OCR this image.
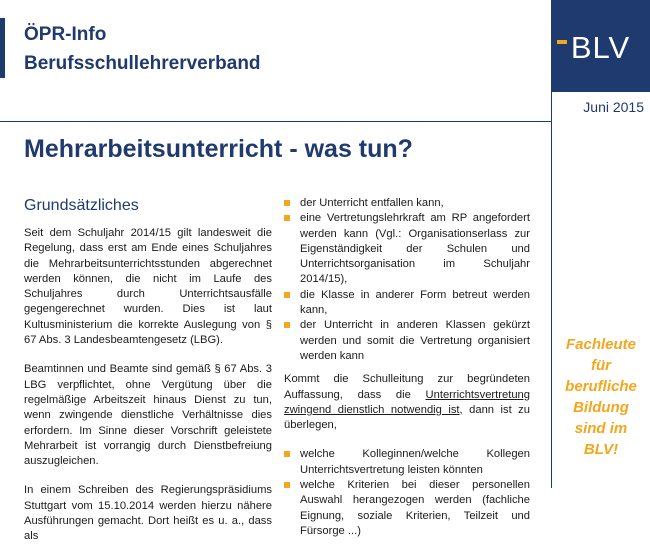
ÖPR-Info
Berufsschullehrerverband	BLV
Juni 2015
Mehrarbeitsunterricht - was tun?
Grundsätzliches

Seit dem Schuljahr 2014/15 gilt landesweit die Regelung, dass erst am Ende eines Schuljahres die Mehrarbeitsunterrichtsstunden abgerechnet werden können, die nicht im Laufe des Schuljahres durch Unterrichtsausfälle gegengerechnet wurden. Dies ist laut Kultusministerium die korrekte Auslegung von § 67 Abs. 3 Landesbeamtengesetz (LBG).

Beamtinnen und Beamte sind gemäß § 67 Abs. 3 LBG verpflichtet, ohne Vergütung über die regelmäßige Arbeitszeit hinaus Dienst zu tun, wenn zwingende dienstliche Verhältnisse dies erfordern. Im Sinne dieser Vorschrift geleistete Mehrarbeit ist vorrangig durch Dienstbefreiung auszugleichen.

In einem Schreiben des Regierungspräsidiums Stuttgart vom 15.10.2014 werden hierzu nähere Ausführungen gemacht. Dort heißt es u. a., dass als

der Unterricht entfallen kann,
eine Vertretungslehrkraft am RP angefordert werden kann (Vgl.: Organisationserlass zur Eigenständigkeit der Schulen und Unterrichtsorganisation im Schuljahr 2014/15),
die Klasse in anderer Form betreut werden kann,
der Unterricht in anderen Klassen gekürzt werden und somit die Vertretung organisiert werden kann

Kommt die Schulleitung zur begründeten Auffassung, dass die Unterrichtsvertretung zwingend dienstlich notwendig ist, dann ist zu überlegen,

welche Kolleginnen/welche Kollegen Unterrichtsvertretung leisten könnten
welche Kriterien bei dieser personellen Auswahl herangezogen werden (fachliche Eignung, soziale Kriterien, Teilzeit und Fürsorge ...)
Fachleute für berufliche Bildung sind im BLV!
